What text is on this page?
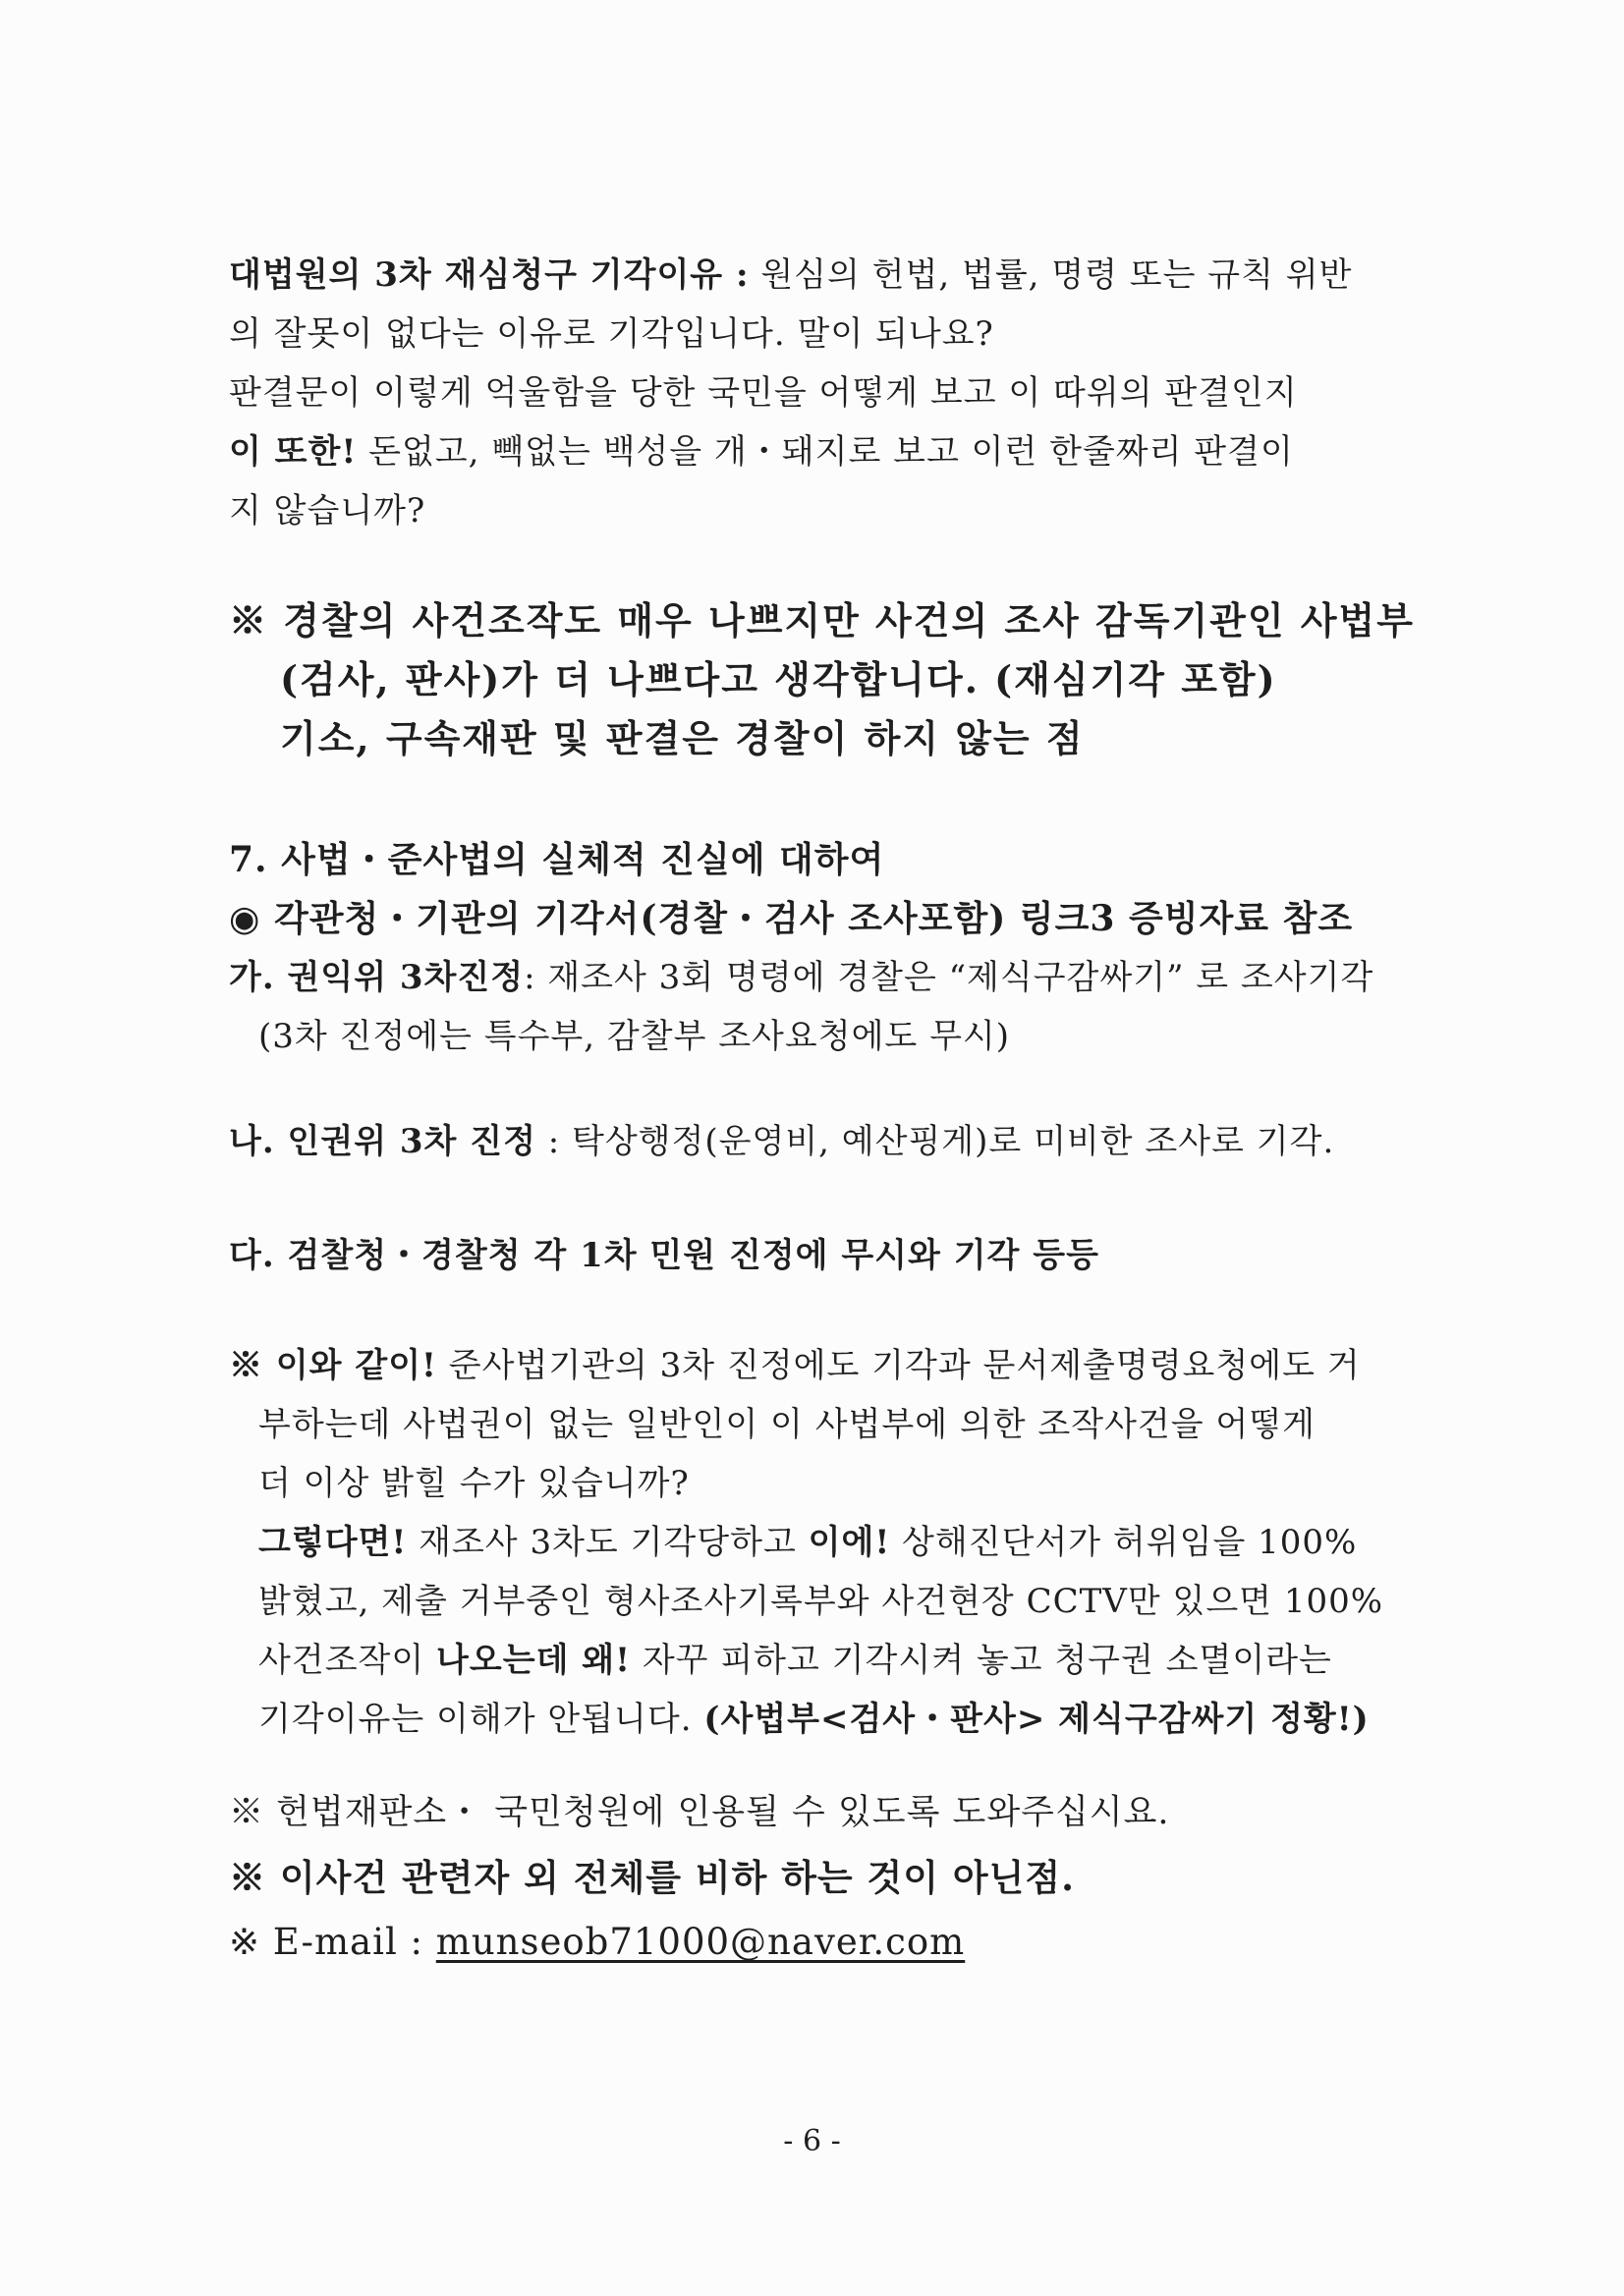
대법원의 3차 재심청구 기각이유 : 원심의 헌법, 법률, 명령 또는 규칙 위반
의 잘못이 없다는 이유로 기각입니다. 말이 되나요?
판결문이 이렇게 억울함을 당한 국민을 어떻게 보고 이 따위의 판결인지
이 또한! 돈없고, 빽없는 백성을 개・돼지로 보고 이런 한줄짜리 판결이
지 않습니까?
※ 경찰의 사건조작도 매우 나쁘지만 사건의 조사 감독기관인 사법부
(검사, 판사)가 더 나쁘다고 생각합니다. (재심기각 포함)
기소, 구속재판 및 판결은 경찰이 하지 않는 점
7. 사법・준사법의 실체적 진실에 대하여
◉ 각관청・기관의 기각서(경찰・검사 조사포함) 링크3 증빙자료 참조
가. 권익위 3차진정: 재조사 3회 명령에 경찰은 “제식구감싸기” 로 조사기각
(3차 진정에는 특수부, 감찰부 조사요청에도 무시)
나. 인권위 3차 진정 : 탁상행정(운영비, 예산핑게)로 미비한 조사로 기각.
다. 검찰청・경찰청 각 1차 민원 진정에 무시와 기각 등등
※ 이와 같이! 준사법기관의 3차 진정에도 기각과 문서제출명령요청에도 거
부하는데 사법권이 없는 일반인이 이 사법부에 의한 조작사건을 어떻게
더 이상 밝힐 수가 있습니까?
그렇다면! 재조사 3차도 기각당하고 이에! 상해진단서가 허위임을 100%
밝혔고, 제출 거부중인 형사조사기록부와 사건현장 CCTV만 있으면 100%
사건조작이 나오는데 왜! 자꾸 피하고 기각시켜 놓고 청구권 소멸이라는
기각이유는 이해가 안됩니다. (사법부<검사・판사> 제식구감싸기 정황!)
※ 헌법재판소・ 국민청원에 인용될 수 있도록 도와주십시요.
※ 이사건 관련자 외 전체를 비하 하는 것이 아닌점.
※ E-mail : munseob71000@naver.com
- 6 -
